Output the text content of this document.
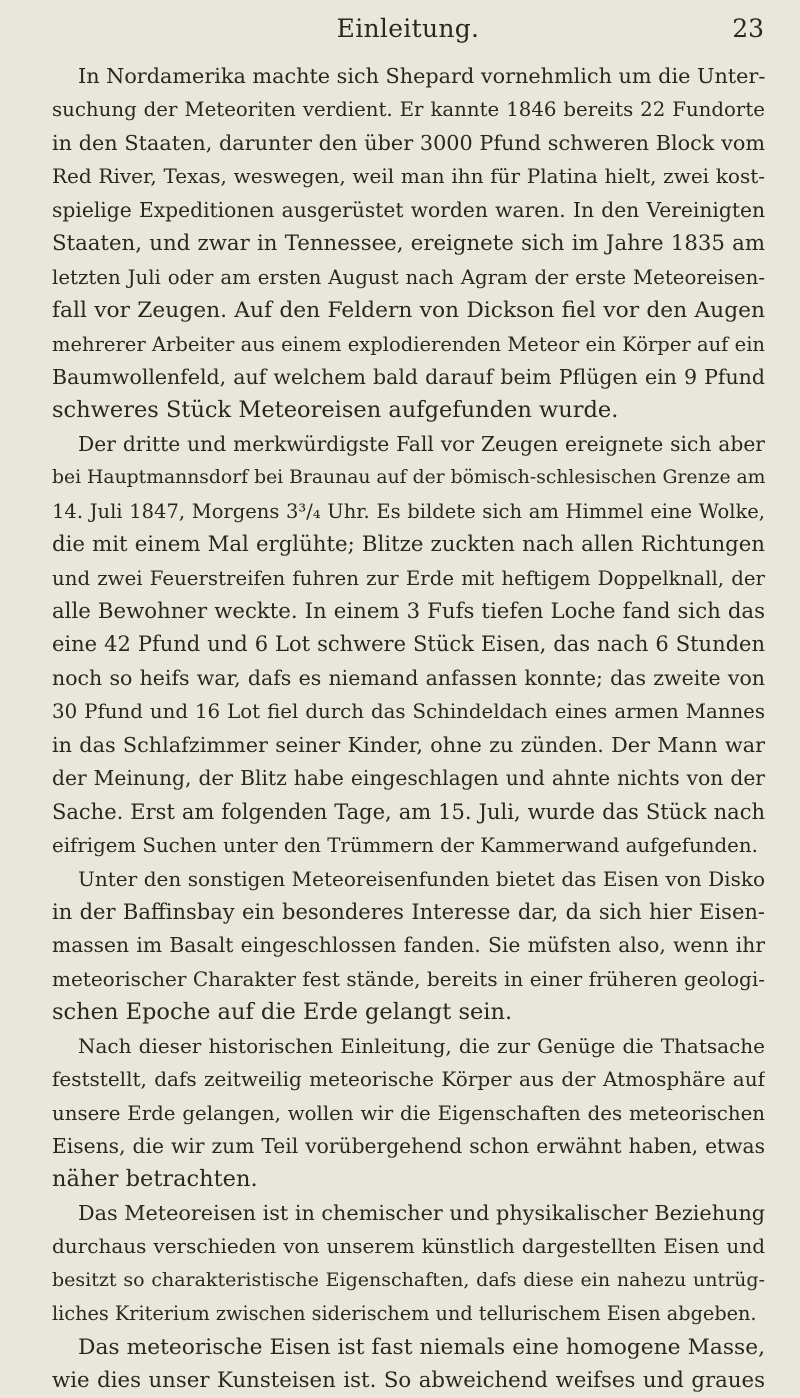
Einleitung.	23
In Nordamerika machte sich Shepard vornehmlich um die Unter-
suchung der Meteoriten verdient. Er kannte 1846 bereits 22 Fundorte
in den Staaten, darunter den über 3000 Pfund schweren Block vom
Red River, Texas, weswegen, weil man ihn für Platina hielt, zwei kost-
spielige Expeditionen ausgerüstet worden waren. In den Vereinigten
Staaten, und zwar in Tennessee, ereignete sich im Jahre 1835 am
letzten Juli oder am ersten August nach Agram der erste Meteoreisen-
fall vor Zeugen. Auf den Feldern von Dickson fiel vor den Augen
mehrerer Arbeiter aus einem explodierenden Meteor ein Körper auf ein
Baumwollenfeld, auf welchem bald darauf beim Pflügen ein 9 Pfund
schweres Stück Meteoreisen aufgefunden wurde.
Der dritte und merkwürdigste Fall vor Zeugen ereignete sich aber
bei Hauptmannsdorf bei Braunau auf der bömisch-schlesischen Grenze am
14. Juli 1847, Morgens 3³/₄ Uhr. Es bildete sich am Himmel eine Wolke,
die mit einem Mal erglühte; Blitze zuckten nach allen Richtungen
und zwei Feuerstreifen fuhren zur Erde mit heftigem Doppelknall, der
alle Bewohner weckte. In einem 3 Fufs tiefen Loche fand sich das
eine 42 Pfund und 6 Lot schwere Stück Eisen, das nach 6 Stunden
noch so heifs war, dafs es niemand anfassen konnte; das zweite von
30 Pfund und 16 Lot fiel durch das Schindeldach eines armen Mannes
in das Schlafzimmer seiner Kinder, ohne zu zünden. Der Mann war
der Meinung, der Blitz habe eingeschlagen und ahnte nichts von der
Sache. Erst am folgenden Tage, am 15. Juli, wurde das Stück nach
eifrigem Suchen unter den Trümmern der Kammerwand aufgefunden.
Unter den sonstigen Meteoreisenfunden bietet das Eisen von Disko
in der Baffinsbay ein besonderes Interesse dar, da sich hier Eisen-
massen im Basalt eingeschlossen fanden. Sie müfsten also, wenn ihr
meteorischer Charakter fest stände, bereits in einer früheren geologi-
schen Epoche auf die Erde gelangt sein.
Nach dieser historischen Einleitung, die zur Genüge die Thatsache
feststellt, dafs zeitweilig meteorische Körper aus der Atmosphäre auf
unsere Erde gelangen, wollen wir die Eigenschaften des meteorischen
Eisens, die wir zum Teil vorübergehend schon erwähnt haben, etwas
näher betrachten.
Das Meteoreisen ist in chemischer und physikalischer Beziehung
durchaus verschieden von unserem künstlich dargestellten Eisen und
besitzt so charakteristische Eigenschaften, dafs diese ein nahezu untrüg-
liches Kriterium zwischen siderischem und tellurischem Eisen abgeben.
Das meteorische Eisen ist fast niemals eine homogene Masse,
wie dies unser Kunsteisen ist. So abweichend weifses und graues
